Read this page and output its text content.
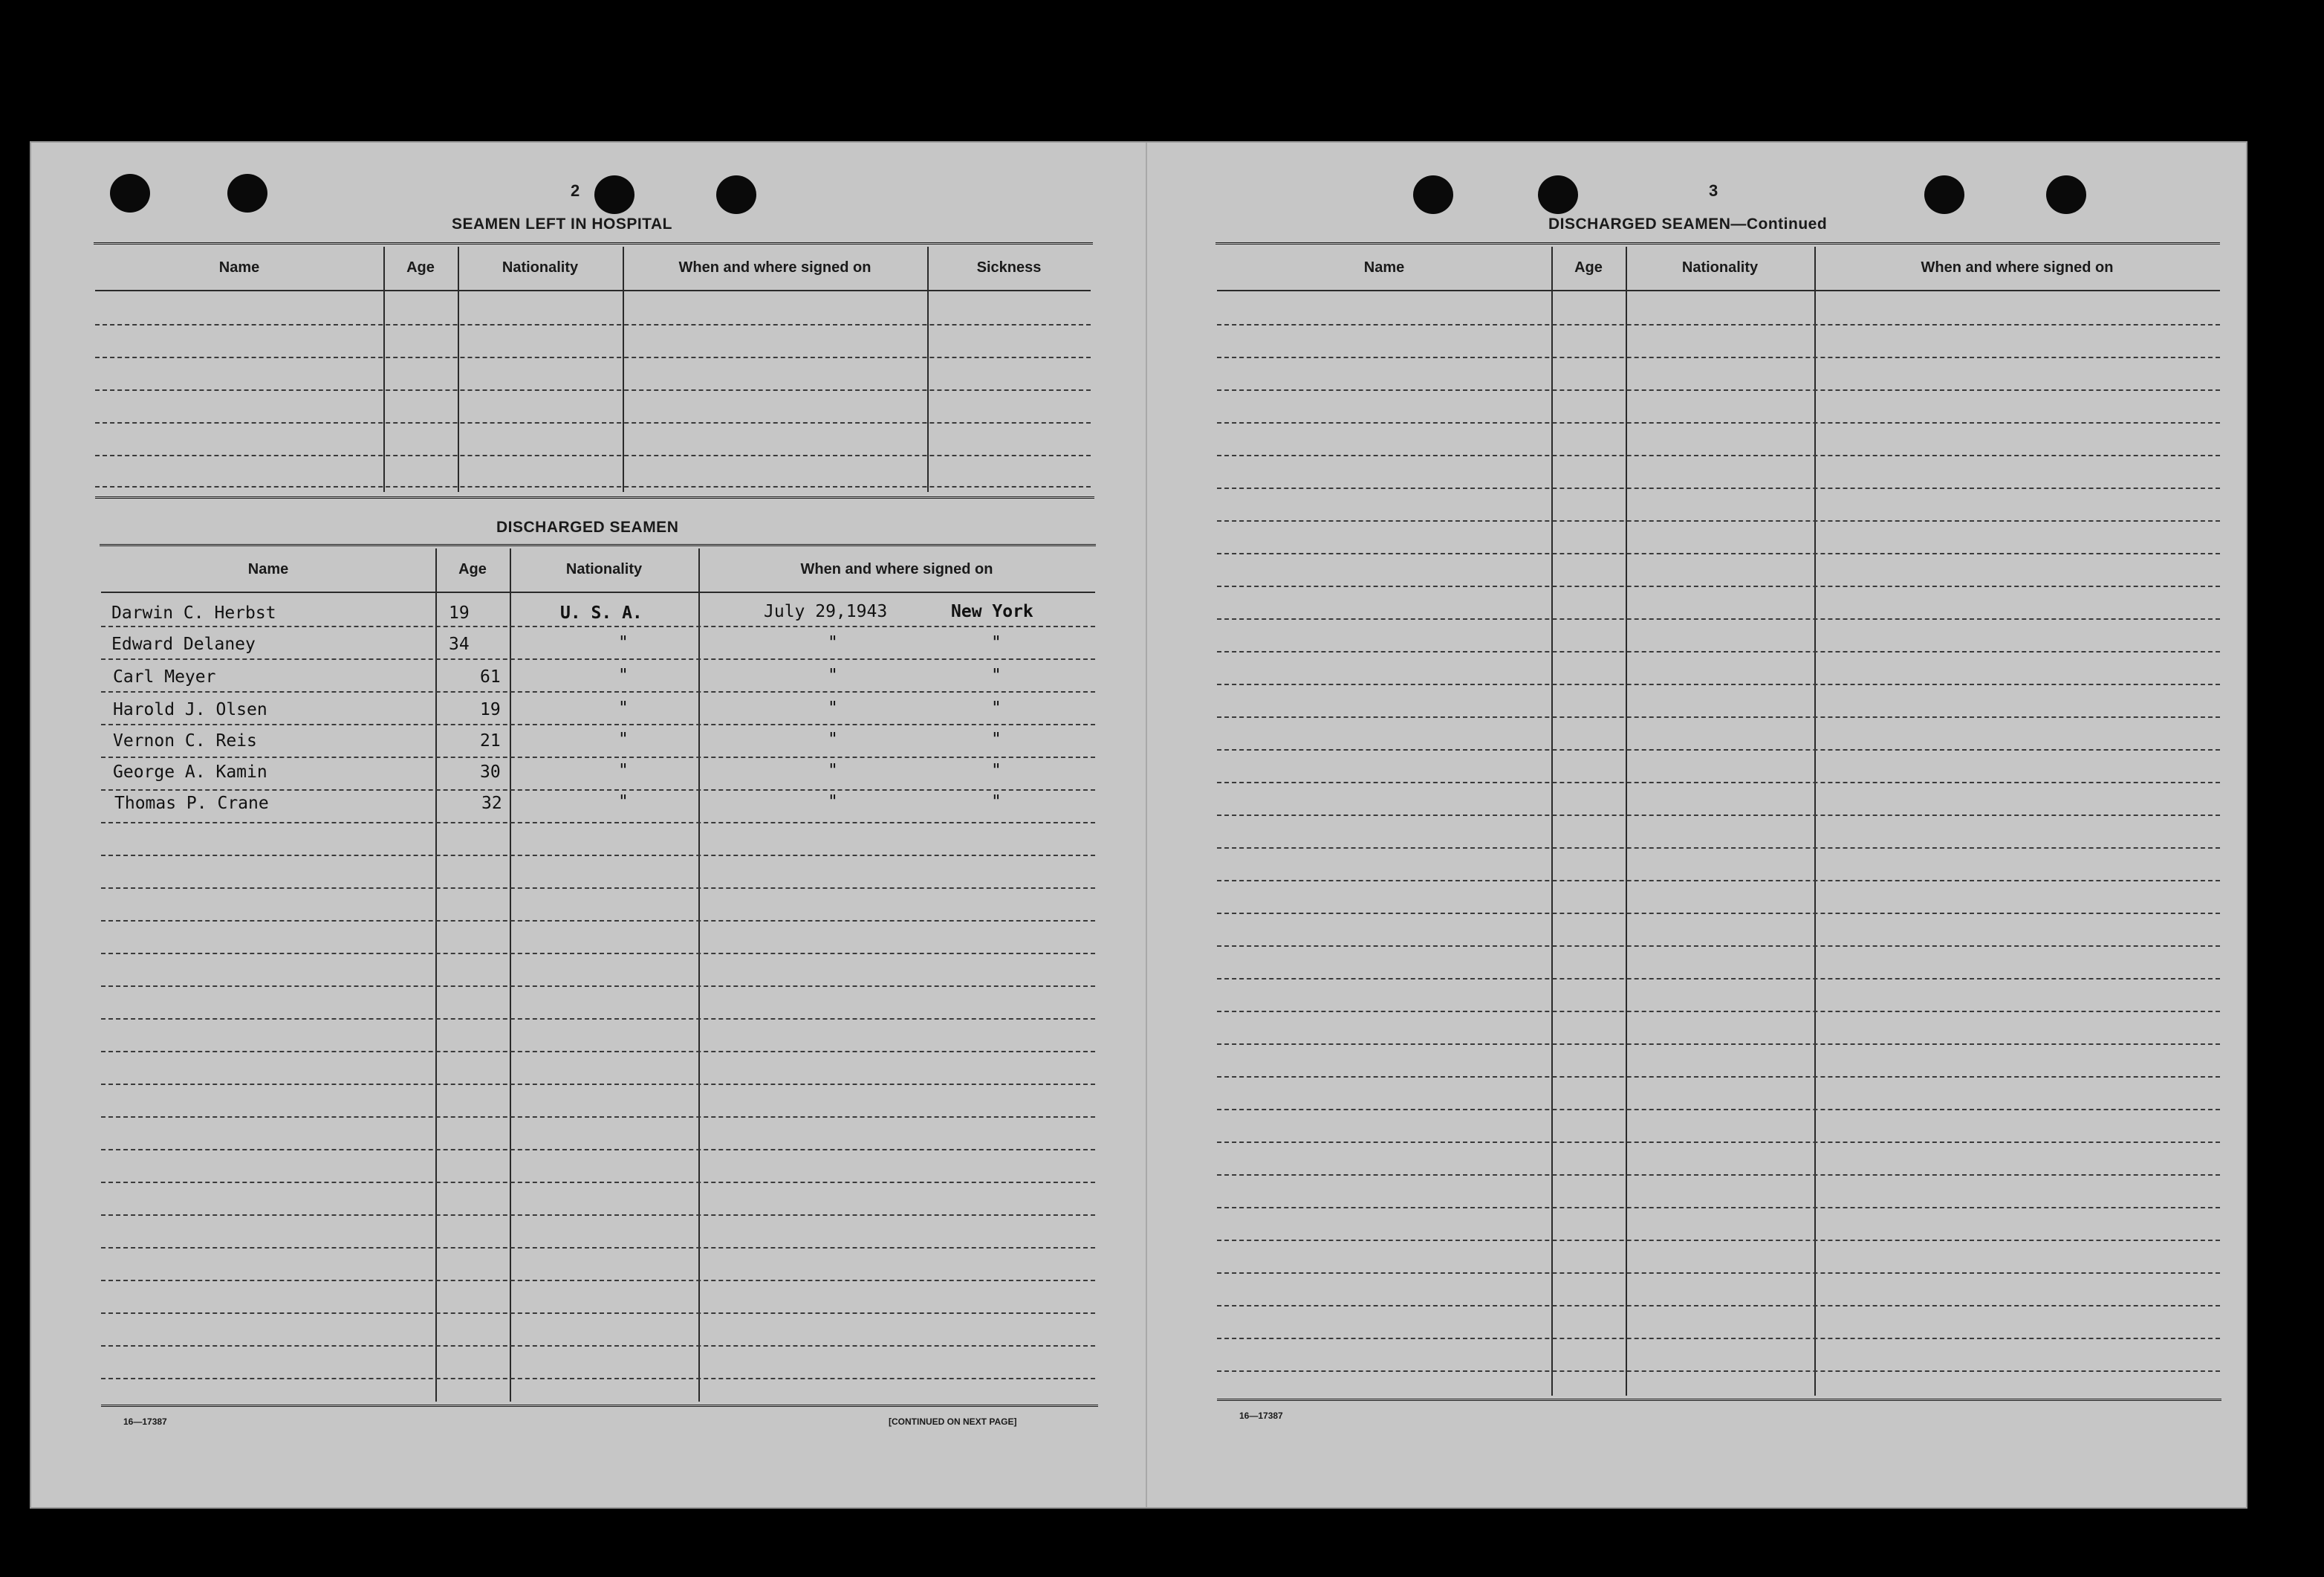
2
SEAMEN LEFT IN HOSPITAL
Name	Age	Nationality	When and where signed on	Sickness
DISCHARGED SEAMEN
Name	Age	Nationality	When and where signed on
Darwin C. Herbst	19	U. S. A.	July 29,1943	New York
Edward Delaney	34	"	"	"
Carl Meyer	61	"	"	"
Harold J. Olsen	19	"	"	"
Vernon C. Reis	21	"	"	"
George A. Kamin	30	"	"	"
Thomas P. Crane	32	"	"	"
16—17387	[CONTINUED ON NEXT PAGE]
3
DISCHARGED SEAMEN—Continued
Name	Age	Nationality	When and where signed on
16—17387
